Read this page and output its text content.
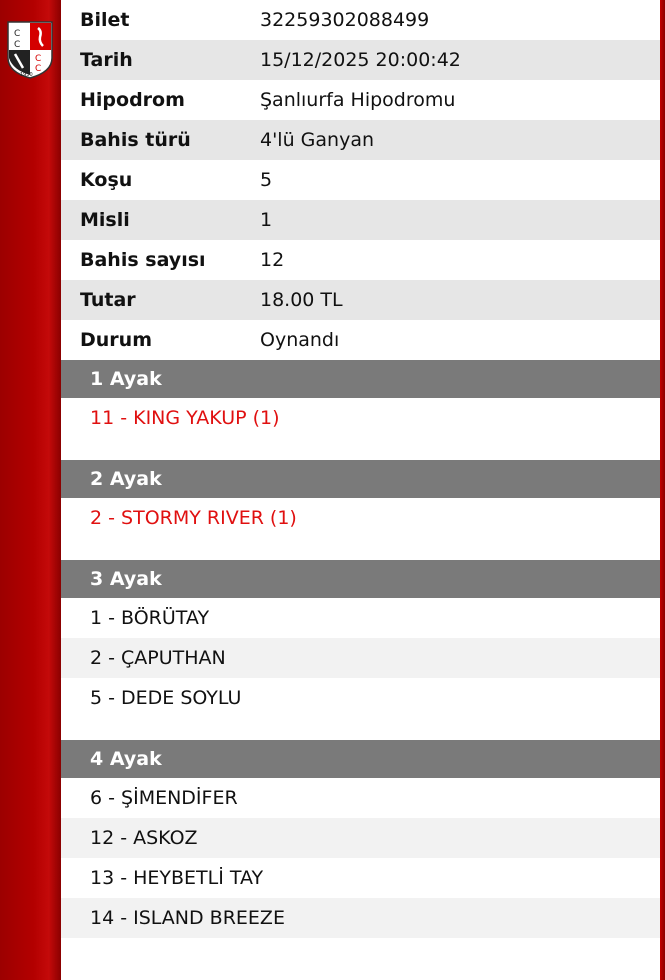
C
C
C
C
1950
Bilet	32259302088499
Tarih	15/12/2025 20:00:42
Hipodrom	Şanlıurfa Hipodromu
Bahis türü	4'lü Ganyan
Koşu	5
Misli	1
Bahis sayısı	12
Tutar	18.00 TL
Durum	Oynandı
1 Ayak
11 - KING YAKUP (1)
2 Ayak
2 - STORMY RIVER (1)
3 Ayak
1 - BÖRÜTAY
2 - ÇAPUTHAN
5 - DEDE SOYLU
4 Ayak
6 - ŞİMENDİFER
12 - ASKOZ
13 - HEYBETLİ TAY
14 - ISLAND BREEZE
